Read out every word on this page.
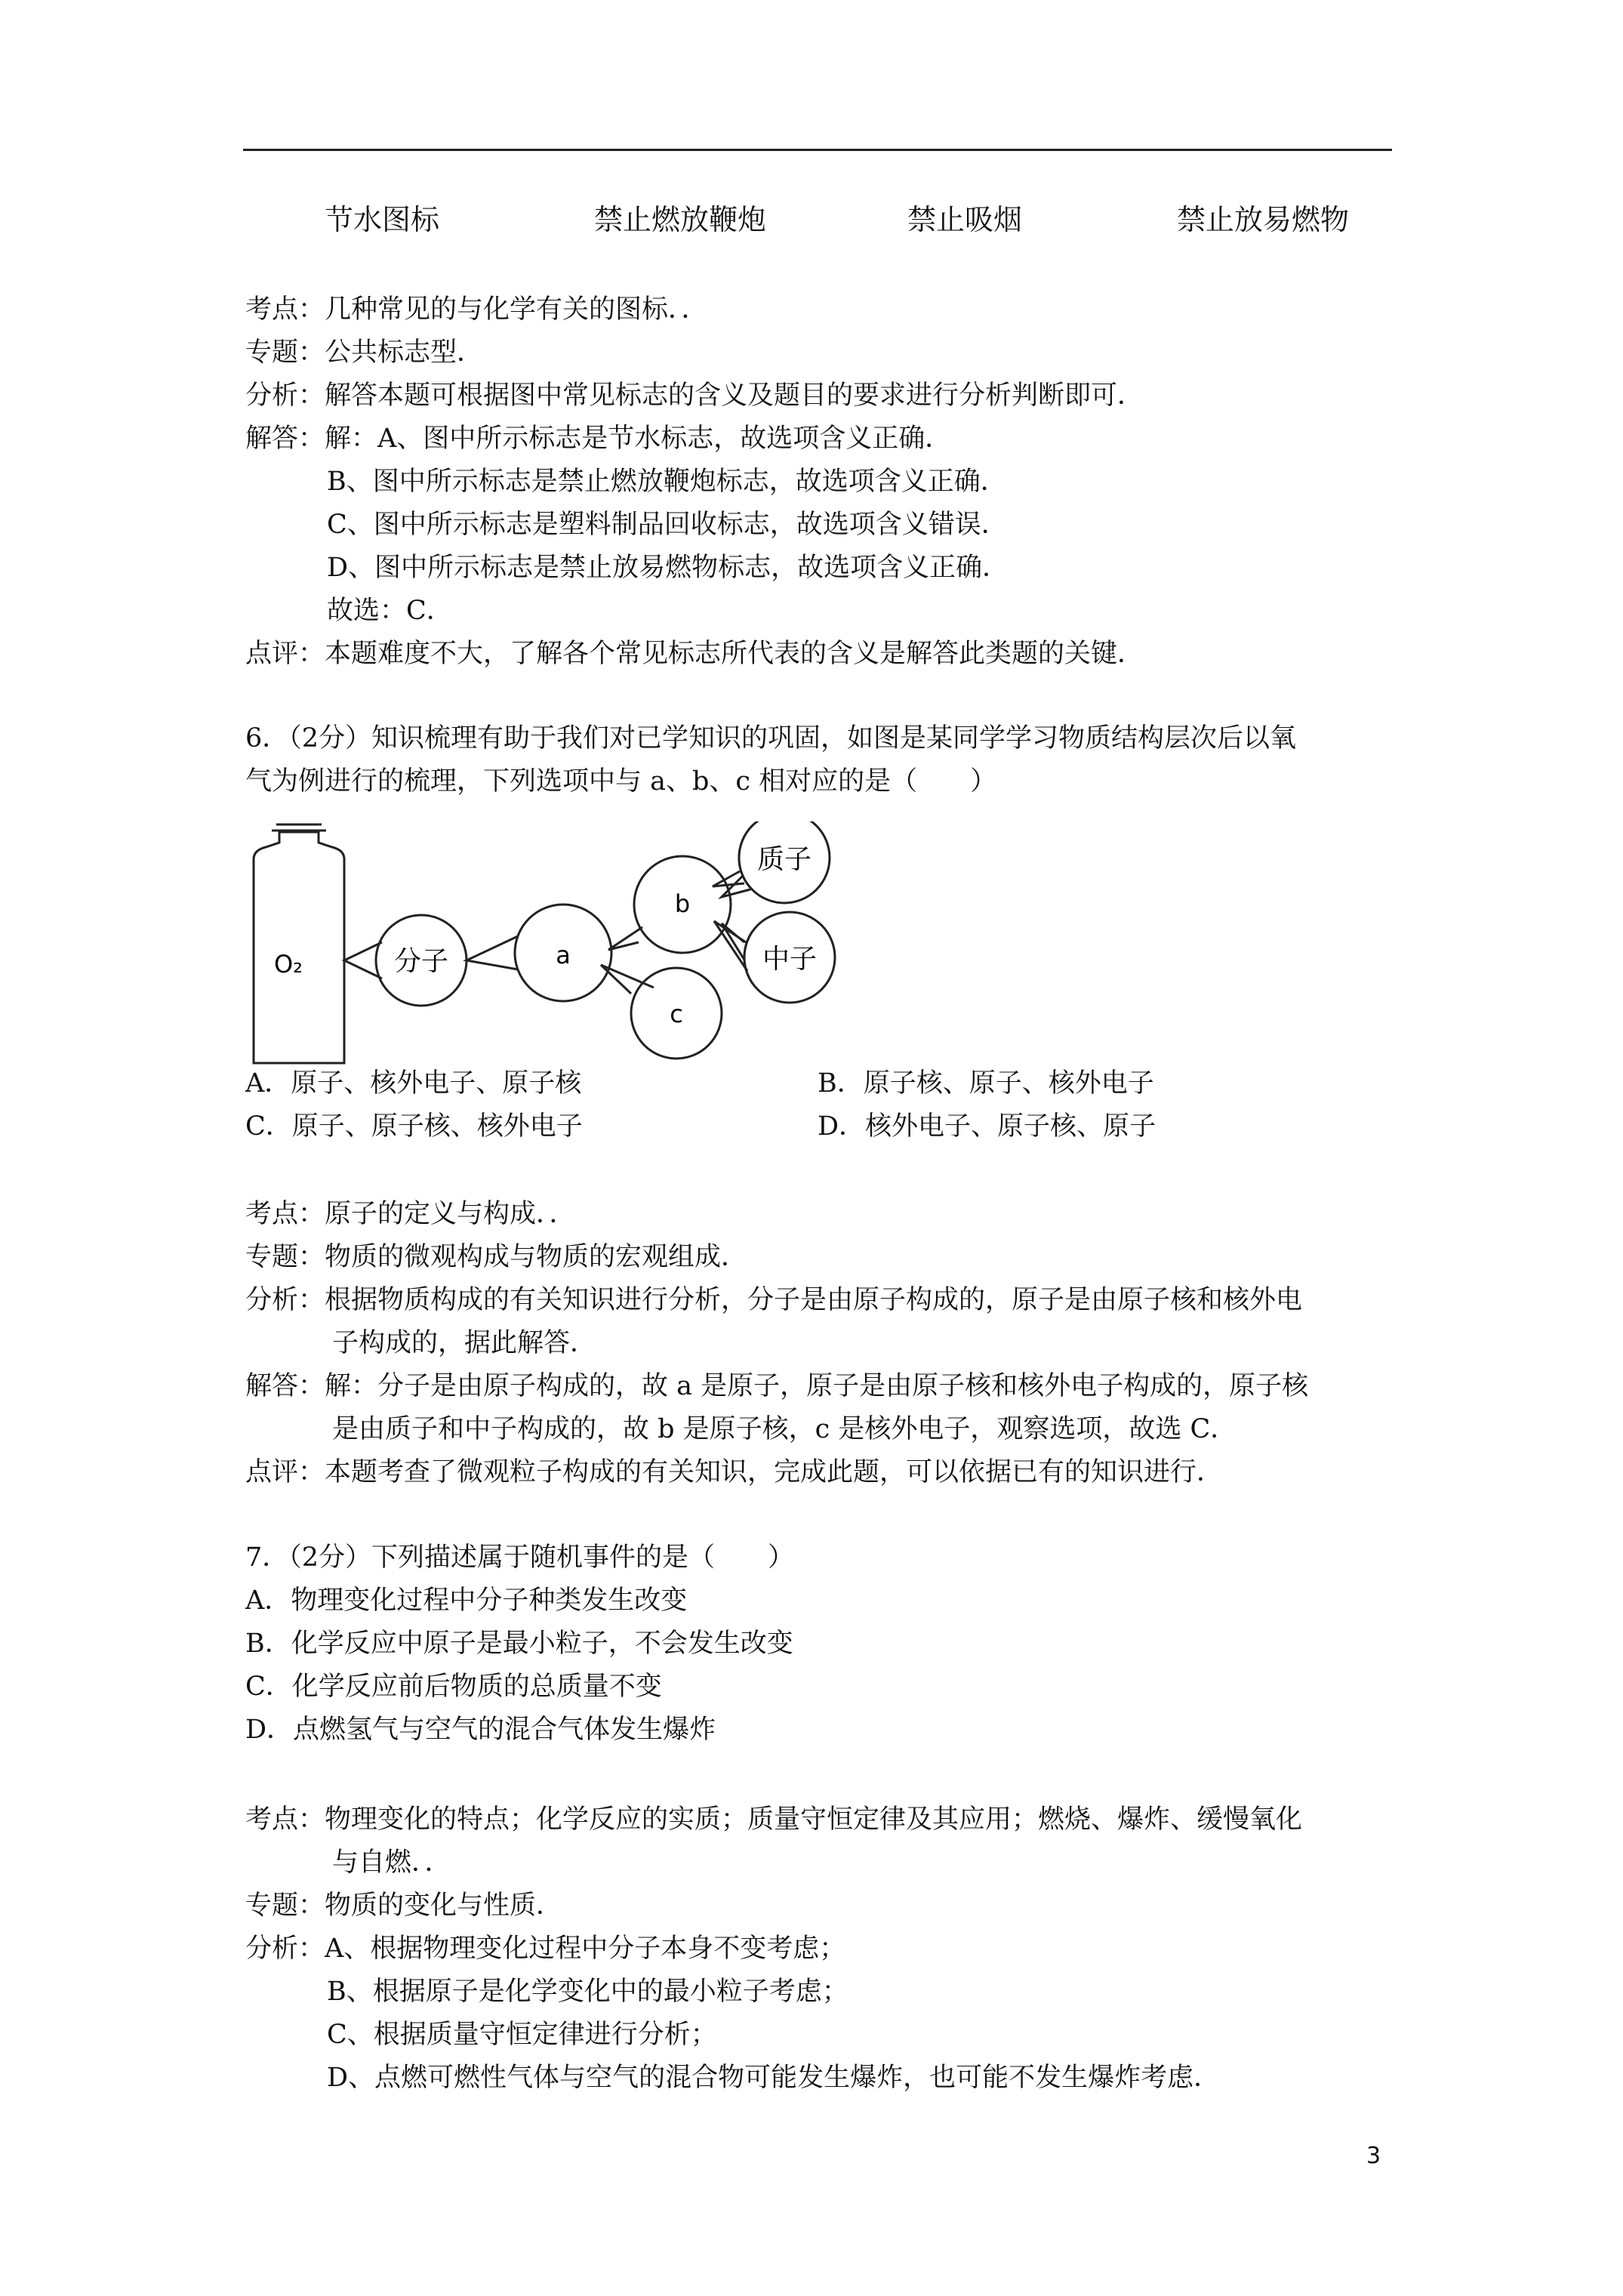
节水图标	禁止燃放鞭炮	禁止吸烟	禁止放易燃物
考点：几种常见的与化学有关的图标．．
专题：公共标志型．
分析：解答本题可根据图中常见标志的含义及题目的要求进行分析判断即可．
解答：解：A、图中所示标志是节水标志，故选项含义正确．
B、图中所示标志是禁止燃放鞭炮标志，故选项含义正确．
C、图中所示标志是塑料制品回收标志，故选项含义错误．
D、图中所示标志是禁止放易燃物标志，故选项含义正确．
故选：C．
点评：本题难度不大，了解各个常见标志所代表的含义是解答此类题的关键．
6．（2分）知识梳理有助于我们对已学知识的巩固，如图是某同学学习物质结构层次后以氧
气为例进行的梳理，下列选项中与 a、b、c 相对应的是（　　）
O₂	分子	a
b
c
质子
中子
A．原子、核外电子、原子核	B．原子核、原子、核外电子
C．原子、原子核、核外电子	D．核外电子、原子核、原子
考点：原子的定义与构成．．
专题：物质的微观构成与物质的宏观组成．
分析：根据物质构成的有关知识进行分析，分子是由原子构成的，原子是由原子核和核外电
子构成的，据此解答．
解答：解：分子是由原子构成的，故 a 是原子，原子是由原子核和核外电子构成的，原子核
是由质子和中子构成的，故 b 是原子核，c 是核外电子，观察选项，故选 C．
点评：本题考查了微观粒子构成的有关知识，完成此题，可以依据已有的知识进行．
7．（2分）下列描述属于随机事件的是（　　）
A．物理变化过程中分子种类发生改变
B．化学反应中原子是最小粒子，不会发生改变
C．化学反应前后物质的总质量不变
D．点燃氢气与空气的混合气体发生爆炸
考点：物理变化的特点；化学反应的实质；质量守恒定律及其应用；燃烧、爆炸、缓慢氧化
与自燃．．
专题：物质的变化与性质．
分析：A、根据物理变化过程中分子本身不变考虑；
B、根据原子是化学变化中的最小粒子考虑；
C、根据质量守恒定律进行分析；
D、点燃可燃性气体与空气的混合物可能发生爆炸，也可能不发生爆炸考虑．
3
